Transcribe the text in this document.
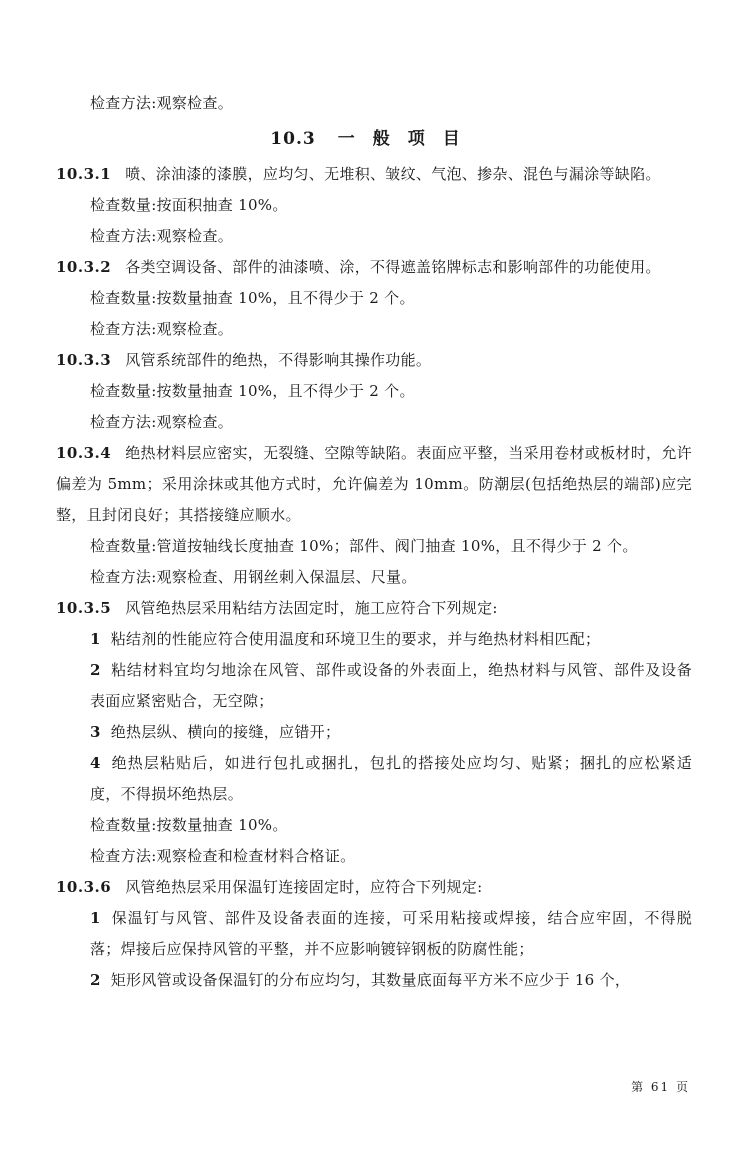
检查方法:观察检查。

10.3 一般项目

10.3.1 喷、涂油漆的漆膜，应均匀、无堆积、皱纹、气泡、掺杂、混色与漏涂等缺陷。

检查数量:按面积抽查 10%。

检查方法:观察检查。

10.3.2 各类空调设备、部件的油漆喷、涂，不得遮盖铭牌标志和影响部件的功能使用。

检查数量:按数量抽查 10%，且不得少于 2 个。

检查方法:观察检查。

10.3.3 风管系统部件的绝热，不得影响其操作功能。

检查数量:按数量抽查 10%，且不得少于 2 个。

检查方法:观察检查。

10.3.4 绝热材料层应密实，无裂缝、空隙等缺陷。表面应平整，当采用卷材或板材时，允许偏差为 5mm；采用涂抹或其他方式时，允许偏差为 10mm。防潮层(包括绝热层的端部)应完整，且封闭良好；其搭接缝应顺水。

检查数量:管道按轴线长度抽查 10%；部件、阀门抽查 10%，且不得少于 2 个。

检查方法:观察检查、用钢丝刺入保温层、尺量。

10.3.5 风管绝热层采用粘结方法固定时，施工应符合下列规定:

1 粘结剂的性能应符合使用温度和环境卫生的要求，并与绝热材料相匹配；

2 粘结材料宜均匀地涂在风管、部件或设备的外表面上，绝热材料与风管、部件及设备表面应紧密贴合，无空隙；

3 绝热层纵、横向的接缝，应错开；

4 绝热层粘贴后，如进行包扎或捆扎，包扎的搭接处应均匀、贴紧；捆扎的应松紧适度，不得损坏绝热层。

检查数量:按数量抽查 10%。

检查方法:观察检查和检查材料合格证。

10.3.6 风管绝热层采用保温钉连接固定时，应符合下列规定:

1 保温钉与风管、部件及设备表面的连接，可采用粘接或焊接，结合应牢固，不得脱落；焊接后应保持风管的平整，并不应影响镀锌钢板的防腐性能；

2 矩形风管或设备保温钉的分布应均匀，其数量底面每平方米不应少于 16 个，

第 61 页
